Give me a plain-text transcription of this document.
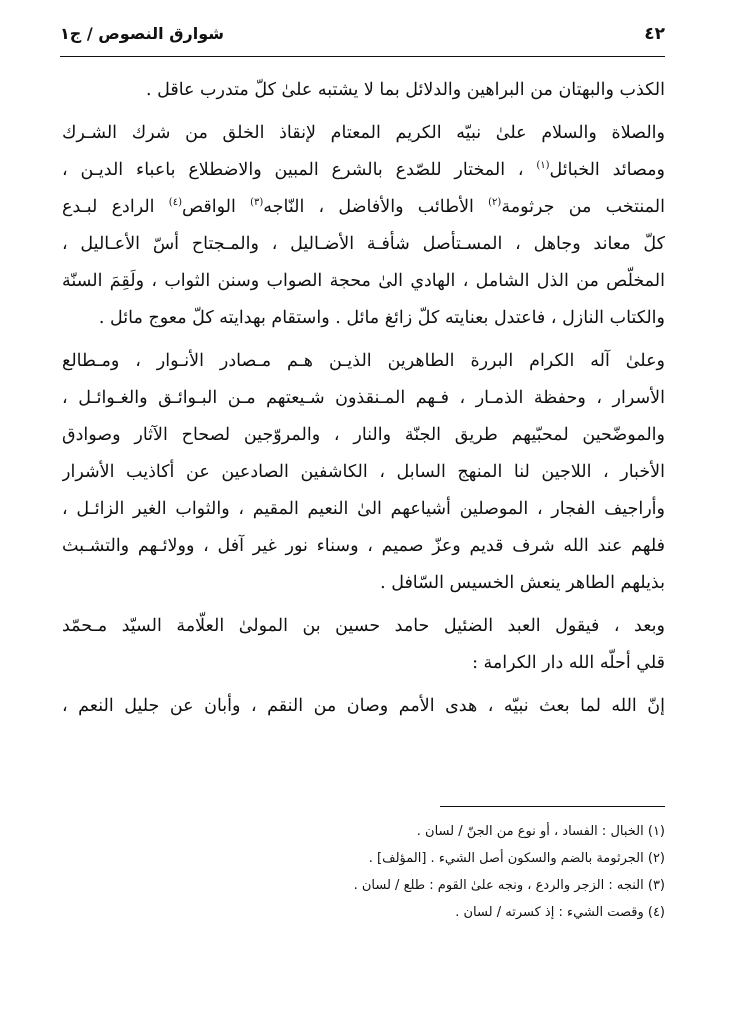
٤٢
شوارق النصوص / ج١
الكذب والبهتان من البراهين والدلائل بما لا يشتبه علىٰ كلّ متدرب عاقل .
والصلاة والسلام علىٰ نبيّه الكريم المعتام لإنقاذ الخلق من شرك الشـرك
ومصائد الخبائل$^{(١)}$ ، المختار للصّدع بالشرع المبين والاضطلاع باعباء الديـن ،
المنتخب من جرثومة$^{(٢)}$ الأطائب والأفاضل ، النّاجه$^{(٣)}$ الواقص$^{(٤)}$ الرادع لبـدع
كلّ معاند وجاهل ، المسـتأصل شأفـة الأضـاليل ، والمـجتاح أسّ الأعـاليل ،
المخلّص من الذل الشامل ، الهادي الىٰ محجة الصواب وسنن الثواب ، ولَقِمَ السنّة
والكتاب النازل ، فاعتدل بعنايته كلّ زائغ مائل . واستقام بهدايته كلّ معوج مائل .
وعلىٰ آله الكرام البررة الطاهرين الذيـن هـم مـصادر الأنـوار ، ومـطالع
الأسرار ، وحفظة الذمـار ، فـهم المـنقذون شـيعتهم مـن البـوائـق والغـوائـل ،
والموضّحين لمحبّيهم طريق الجنّة والنار ، والمروّجين لصحاح الآثار وصوادق
الأخبار ، اللاجين لنا المنهج السابل ، الكاشفين الصادعين عن أكاذيب الأشرار
وأراجيف الفجار ، الموصلين أشياعهم الىٰ النعيم المقيم ، والثواب الغير الزائـل ،
فلهم عند الله شرف قديم وعزّ صميم ، وسناء نور غير آفل ، وولائـهم والتشـبث
بذيلهم الطاهر ينعش الخسيس السّافل .
وبعد ، فيقول العبد الضئيل حامد حسين بن المولىٰ العلّامة السيّد مـحمّد
قلي أحلّه الله دار الكرامة :
إنّ الله لما بعث نبيّه ، هدى الأمم وصان من النقم ، وأبان عن جليل النعم ،
(١) الخبال : الفساد ، أو نوع من الجنّ / لسان .
(٢) الجرثومة بالضم والسكون أصل الشيء . [المؤلف] .
(٣) النجه : الزجر والردع ، ونجه علىٰ القوم : طلع / لسان .
(٤) وقصت الشيء : إذ كسرته / لسان .
